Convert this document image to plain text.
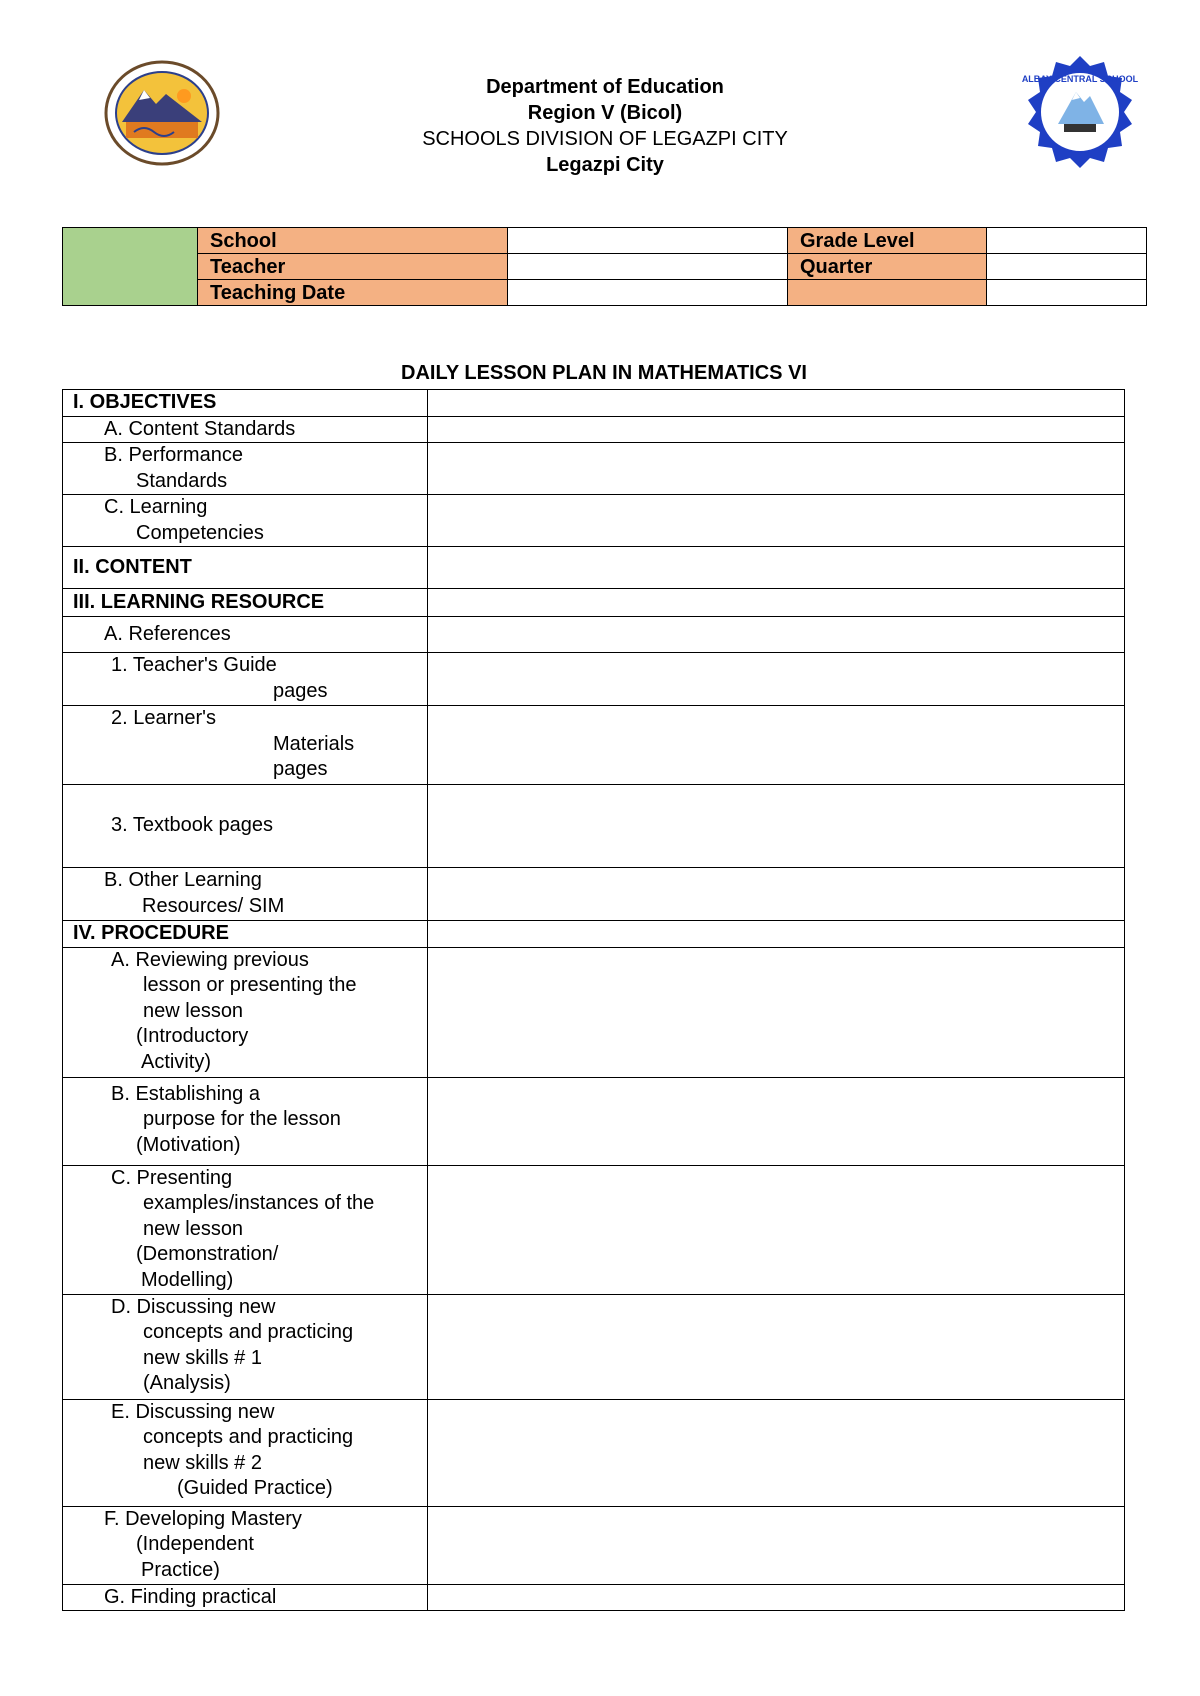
ALBAY CENTRAL SCHOOL
Department of Education
Region V (Bicol)
SCHOOLS DIVISION OF LEGAZPI CITY
Legazpi City
	School		Grade Level	
	Teacher		Quarter	
	Teaching Date			
DAILY LESSON PLAN IN MATHEMATICS VI
I. OBJECTIVES	

A. Content Standards	

B. Performance
Standards	

C. Learning
Competencies	

II. CONTENT	

III. LEARNING RESOURCE	

A. References	

1. Teacher's Guide
pages	

2. Learner's
Materials
pages	

3. Textbook pages	

B. Other Learning
Resources/ SIM	

IV. PROCEDURE	

A. Reviewing previous
lesson or presenting the
new lesson
(Introductory
Activity)	

B. Establishing a
purpose for the lesson
(Motivation)	

C. Presenting
examples/instances of the
new lesson
(Demonstration/
Modelling)	

D. Discussing new
concepts and practicing
new skills # 1
(Analysis)	

E. Discussing new
concepts and practicing
new skills # 2
(Guided Practice)	

F. Developing Mastery
(Independent
Practice)	

G. Finding practical	
